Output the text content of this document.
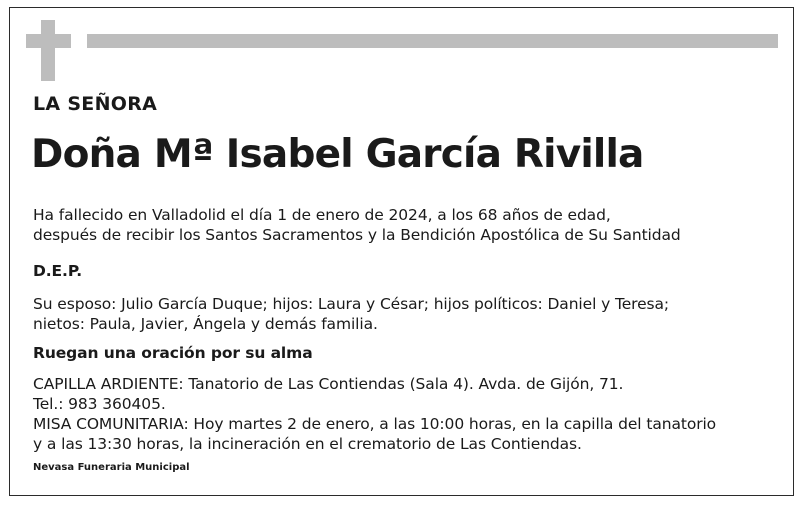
LA SEÑORA
Doña Mª Isabel García Rivilla
Ha fallecido en Valladolid el día 1 de enero de 2024, a los 68 años de edad,
después de recibir los Santos Sacramentos y la Bendición Apostólica de Su Santidad
D.E.P.
Su esposo: Julio García Duque; hijos: Laura y César; hijos políticos: Daniel y Teresa;
nietos: Paula, Javier, Ángela y demás familia.
Ruegan una oración por su alma
CAPILLA ARDIENTE: Tanatorio de Las Contiendas (Sala 4). Avda. de Gijón, 71.
Tel.: 983 360405.
MISA COMUNITARIA: Hoy martes 2 de enero, a las 10:00 horas, en la capilla del tanatorio
y a las 13:30 horas, la incineración en el crematorio de Las Contiendas.
Nevasa Funeraria Municipal
